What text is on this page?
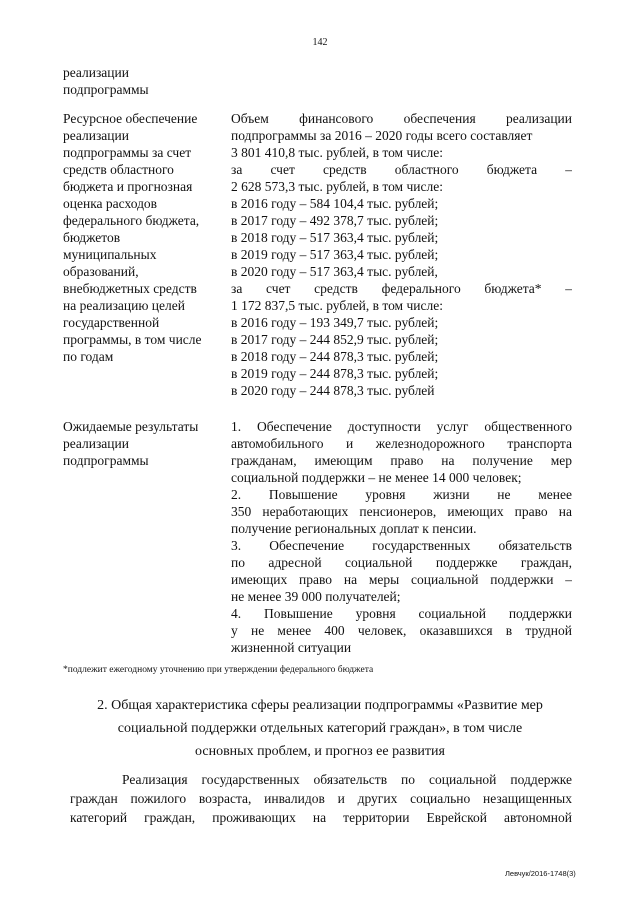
142
реализации
подпрограммы
Ресурсное обеспечение
реализации
подпрограммы за счет
средств областного
бюджета и прогнозная
оценка расходов
федерального бюджета,
бюджетов
муниципальных
образований,
внебюджетных средств
на реализацию целей
государственной
программы, в том числе
по годам
Объем финансового обеспечения реализации
подпрограммы за 2016 – 2020 годы всего составляет
3 801 410,8 тыс. рублей, в том числе:
за счет средств областного бюджета –
2 628 573,3 тыс. рублей, в том числе:
в 2016 году – 584 104,4 тыс. рублей;
в 2017 году – 492 378,7 тыс. рублей;
в 2018 году – 517 363,4 тыс. рублей;
в 2019 году – 517 363,4 тыс. рублей;
в 2020 году – 517 363,4 тыс. рублей,
за счет средств федерального бюджета* –
1 172 837,5 тыс. рублей, в том числе:
в 2016 году – 193 349,7 тыс. рублей;
в 2017 году – 244 852,9 тыс. рублей;
в 2018 году – 244 878,3 тыс. рублей;
в 2019 году – 244 878,3 тыс. рублей;
в 2020 году – 244 878,3 тыс. рублей
Ожидаемые результаты
реализации
подпрограммы
1. Обеспечение доступности услуг общественного
автомобильного и железнодорожного транспорта
гражданам, имеющим право на получение мер
социальной поддержки – не менее 14 000 человек;
2. Повышение уровня жизни не менее
350 неработающих пенсионеров, имеющих право на
получение региональных доплат к пенсии.
3. Обеспечение государственных обязательств
по адресной социальной поддержке граждан,
имеющих право на меры социальной поддержки –
не менее 39 000 получателей;
4. Повышение уровня социальной поддержки
у не менее 400 человек, оказавшихся в трудной
жизненной ситуации
*подлежит ежегодному уточнению при утверждении федерального бюджета
2. Общая характеристика сферы реализации подпрограммы «Развитие мер
социальной поддержки отдельных категорий граждан», в том числе
основных проблем, и прогноз ее развития
Реализация государственных обязательств по социальной поддержке
граждан пожилого возраста, инвалидов и других социально незащищенных
категорий граждан, проживающих на территории Еврейской автономной
Левчук/2016-1748(3)
